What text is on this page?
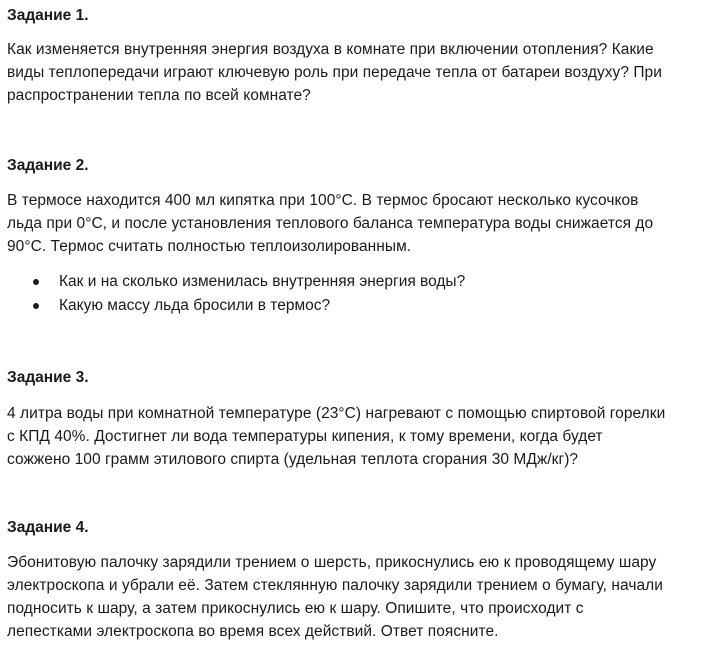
Задание 1.
Как изменяется внутренняя энергия воздуха в комнате при включении отопления? Какие
виды теплопередачи играют ключевую роль при передаче тепла от батареи воздуху? При
распространении тепла по всей комнате?
Задание 2.
В термосе находится 400 мл кипятка при 100°С. В термос бросают несколько кусочков
льда при 0°С, и после установления теплового баланса температура воды снижается до
90°С. Термос считать полностью теплоизолированным.
Как и на сколько изменилась внутренняя энергия воды?
Какую массу льда бросили в термос?
Задание 3.
4 литра воды при комнатной температуре (23°С) нагревают с помощью спиртовой горелки
с КПД 40%. Достигнет ли вода температуры кипения, к тому времени, когда будет
сожжено 100 грамм этилового спирта (удельная теплота сгорания 30 МДж/кг)?
Задание 4.
Эбонитовую палочку зарядили трением о шерсть, прикоснулись ею к проводящему шару
электроскопа и убрали её. Затем стеклянную палочку зарядили трением о бумагу, начали
подносить к шару, а затем прикоснулись ею к шару. Опишите, что происходит с
лепестками электроскопа во время всех действий. Ответ поясните.
